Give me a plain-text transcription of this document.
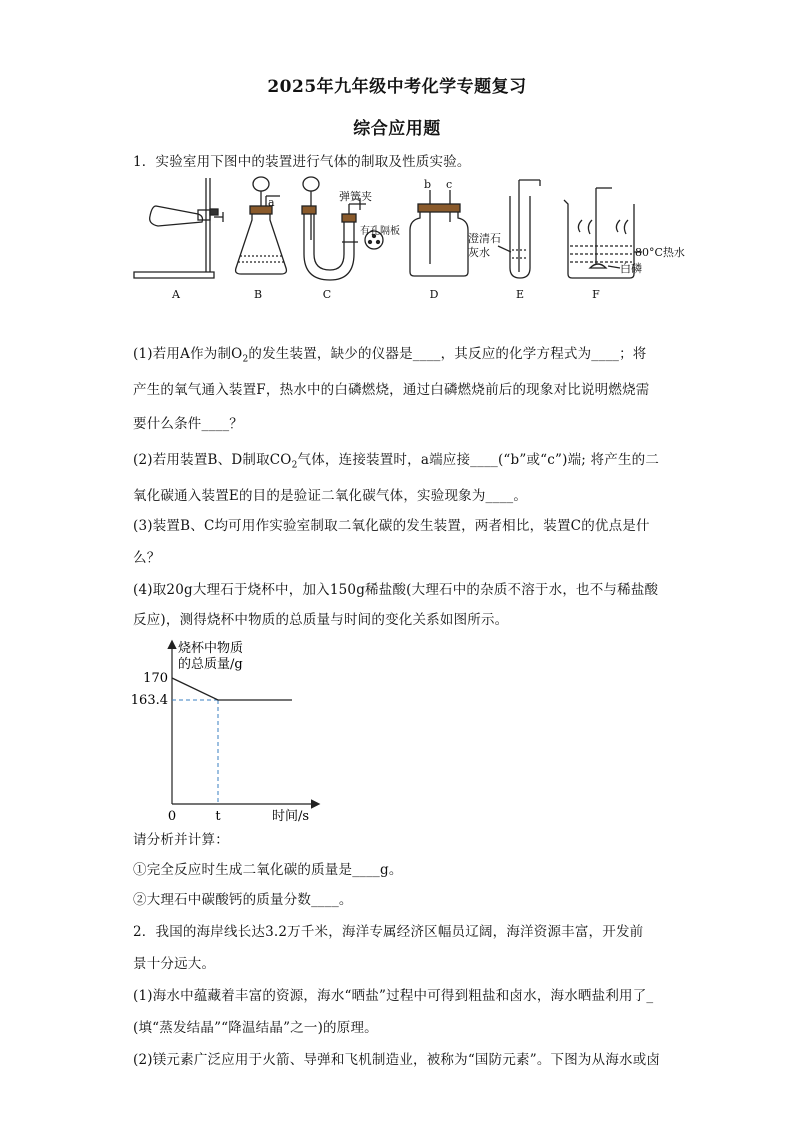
2025年九年级中考化学专题复习
综合应用题
1．实验室用下图中的装置进行气体的制取及性质实验。
a	弹簧夹
有孔隔板
b c
澄清石
灰水	80°C热水
白磷
A	B	C	D	E	F
(1)若用A作为制$O_2$的发生装置，缺少的仪器是____，其反应的化学方程式为____；将
产生的氧气通入装置F，热水中的白磷燃烧，通过白磷燃烧前后的现象对比说明燃烧需
要什么条件____？
(2)若用装置B、D制取$CO_2$气体，连接装置时，a端应接____(“b”或“c”)端; 将产生的二
氧化碳通入装置E的目的是验证二氧化碳气体，实验现象为____。
(3)装置B、C均可用作实验室制取二氧化碳的发生装置，两者相比，装置C的优点是什
么？
(4)取20g大理石于烧杯中，加入150g稀盐酸(大理石中的杂质不溶于水，也不与稀盐酸
反应)，测得烧杯中物质的总质量与时间的变化关系如图所示。
烧杯中物质
的总质量/g
170
163.4
0	t	时间/s
请分析并计算：
①完全反应时生成二氧化碳的质量是____g。
②大理石中碳酸钙的质量分数____。
2．我国的海岸线长达3.2万千米，海洋专属经济区幅员辽阔，海洋资源丰富，开发前
景十分远大。
(1)海水中蕴藏着丰富的资源，海水“晒盐”过程中可得到粗盐和卤水，海水晒盐利用了_
(填“蒸发结晶”“降温结晶”之一)的原理。
(2)镁元素广泛应用于火箭、导弹和飞机制造业，被称为“国防元素”。下图为从海水或卤
